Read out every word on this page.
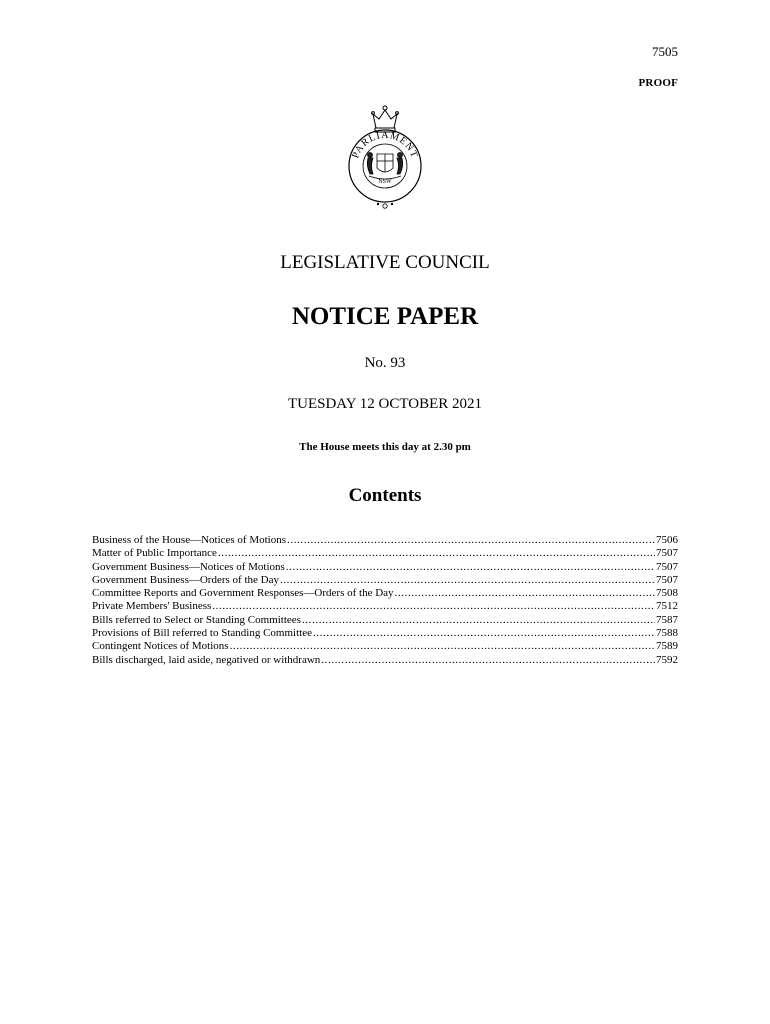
7505
PROOF
PARLIAMENT
NSW
LEGISLATIVE COUNCIL
NOTICE PAPER
No. 93
TUESDAY 12 OCTOBER 2021
The House meets this day at 2.30 pm
Contents
Business of the House—Notices of Motions .....	7506
Matter of Public Importance .....	7507
Government Business—Notices of Motions .....	7507
Government Business—Orders of the Day .....	7507
Committee Reports and Government Responses—Orders of the Day .....	7508
Private Members' Business .....	7512
Bills referred to Select or Standing Committees .....	7587
Provisions of Bill referred to Standing Committee .....	7588
Contingent Notices of Motions .....	7589
Bills discharged, laid aside, negatived or withdrawn .....	7592
